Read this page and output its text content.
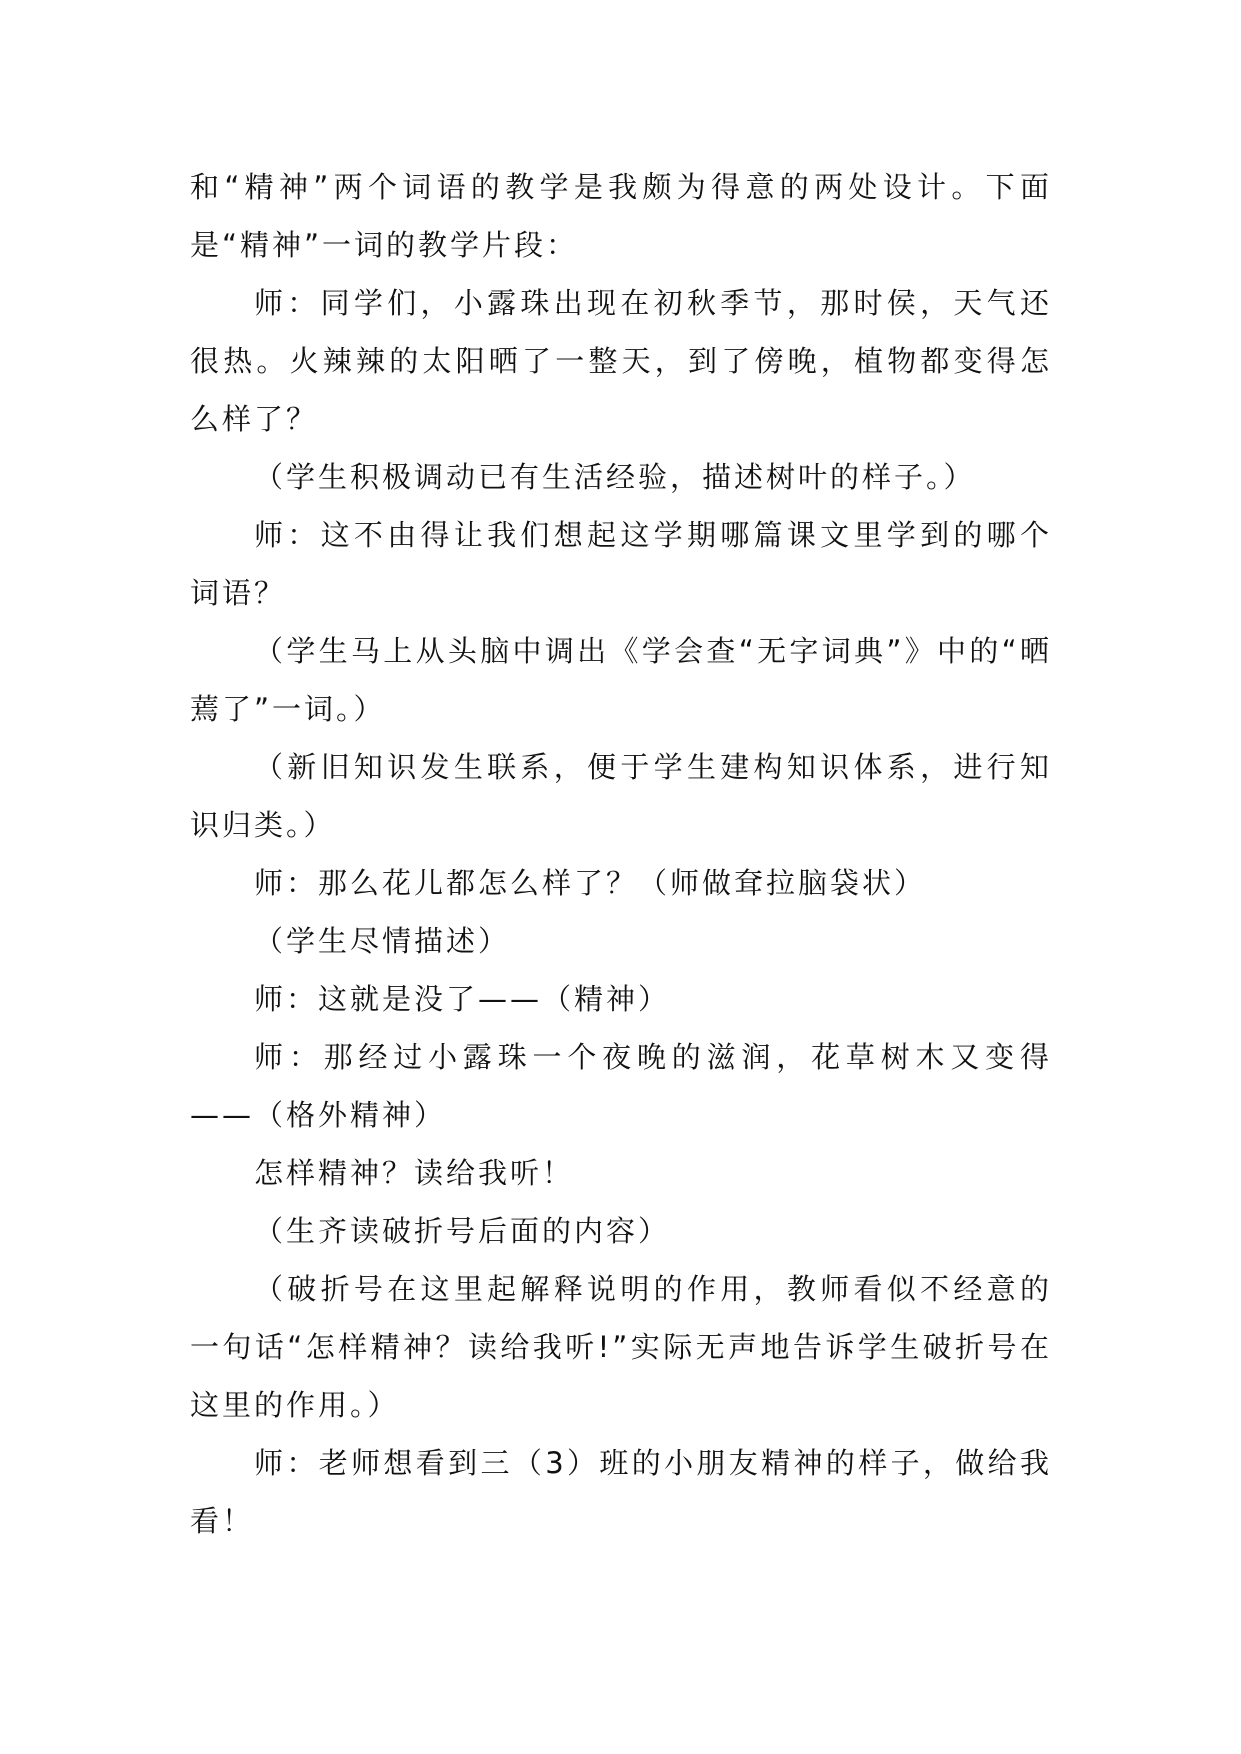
和“精神”两个词语的教学是我颇为得意的两处设计。下面是“精神”一词的教学片段：

师：同学们，小露珠出现在初秋季节，那时侯，天气还很热。火辣辣的太阳晒了一整天，到了傍晚，植物都变得怎么样了？

（学生积极调动已有生活经验，描述树叶的样子。）

师：这不由得让我们想起这学期哪篇课文里学到的哪个词语？

（学生马上从头脑中调出《学会查“无字词典”》中的“晒蔫了”一词。）

（新旧知识发生联系，便于学生建构知识体系，进行知识归类。）

师：那么花儿都怎么样了？（师做耷拉脑袋状）

（学生尽情描述）

师：这就是没了——（精神）

师：那经过小露珠一个夜晚的滋润，花草树木又变得——（格外精神）

怎样精神？读给我听！

（生齐读破折号后面的内容）

（破折号在这里起解释说明的作用，教师看似不经意的一句话“怎样精神？读给我听!”实际无声地告诉学生破折号在这里的作用。）

师：老师想看到三（3）班的小朋友精神的样子，做给我看！
